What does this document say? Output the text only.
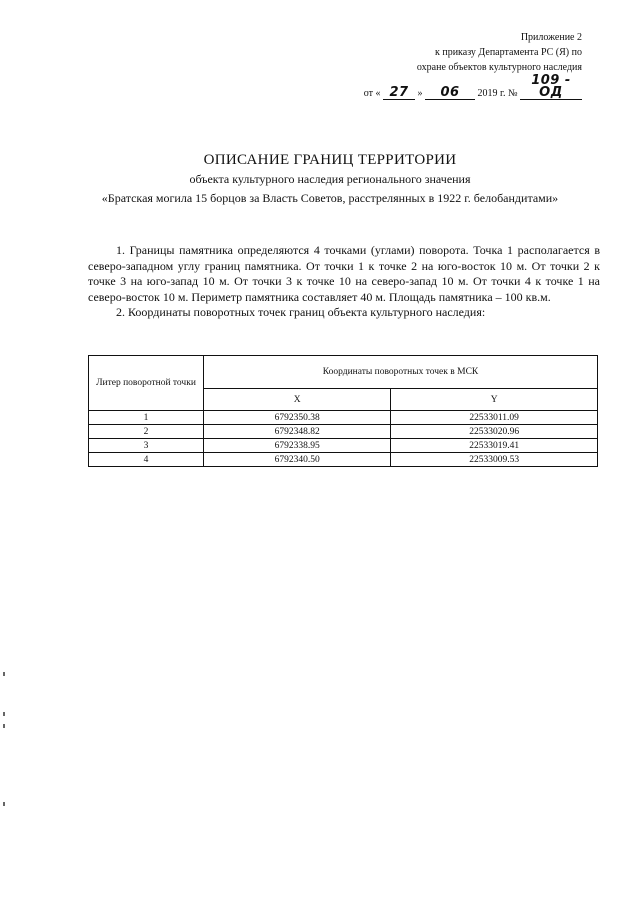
Приложение 2
к приказу Департамента РС (Я) по
охране объектов культурного наследия
от « 27 » 06 2019 г. № 109 - ОД
ОПИСАНИЕ ГРАНИЦ ТЕРРИТОРИИ
объекта культурного наследия регионального значения
«Братская могила 15 борцов за Власть Советов, расстрелянных в 1922 г. белобандитами»

1. Границы памятника определяются 4 точками (углами) поворота. Точка 1 располагается в северо-западном углу границ памятника. От точки 1 к точке 2 на юго-восток 10 м. От точки 2 к точке 3 на юго-запад 10 м. От точки 3 к точке 10 на северо-запад 10 м. От точки 4 к точке 1 на северо-восток 10 м. Периметр памятника составляет 40 м. Площадь памятника – 100 кв.м.

2. Координаты поворотных точек границ объекта культурного наследия:

Литер поворотной точки	Координаты поворотных точек в МСК	
	X	Y
1	6792350.38	22533011.09
2	6792348.82	22533020.96
3	6792338.95	22533019.41
4	6792340.50	22533009.53
